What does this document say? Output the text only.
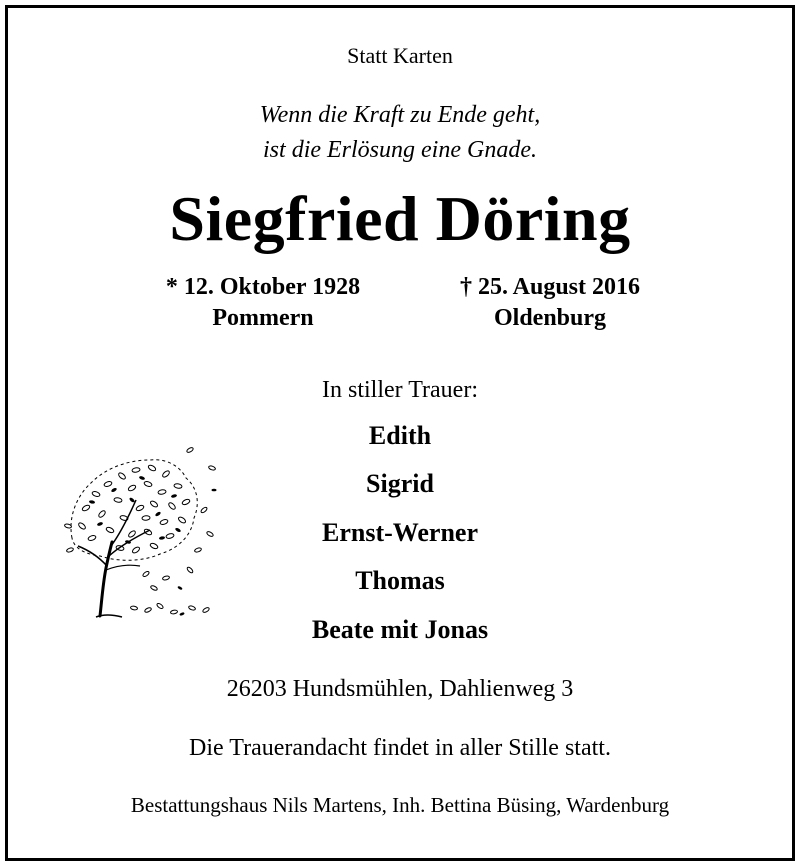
Statt Karten
Wenn die Kraft zu Ende geht,
ist die Erlösung eine Gnade.
Siegfried Döring
* 12. Oktober 1928
Pommern
† 25. August 2016
Oldenburg
In stiller Trauer:
Edith
Sigrid
Ernst-Werner
Thomas
Beate mit Jonas
26203 Hundsmühlen, Dahlienweg 3
Die Trauerandacht findet in aller Stille statt.
Bestattungshaus Nils Martens, Inh. Bettina Büsing, Wardenburg
